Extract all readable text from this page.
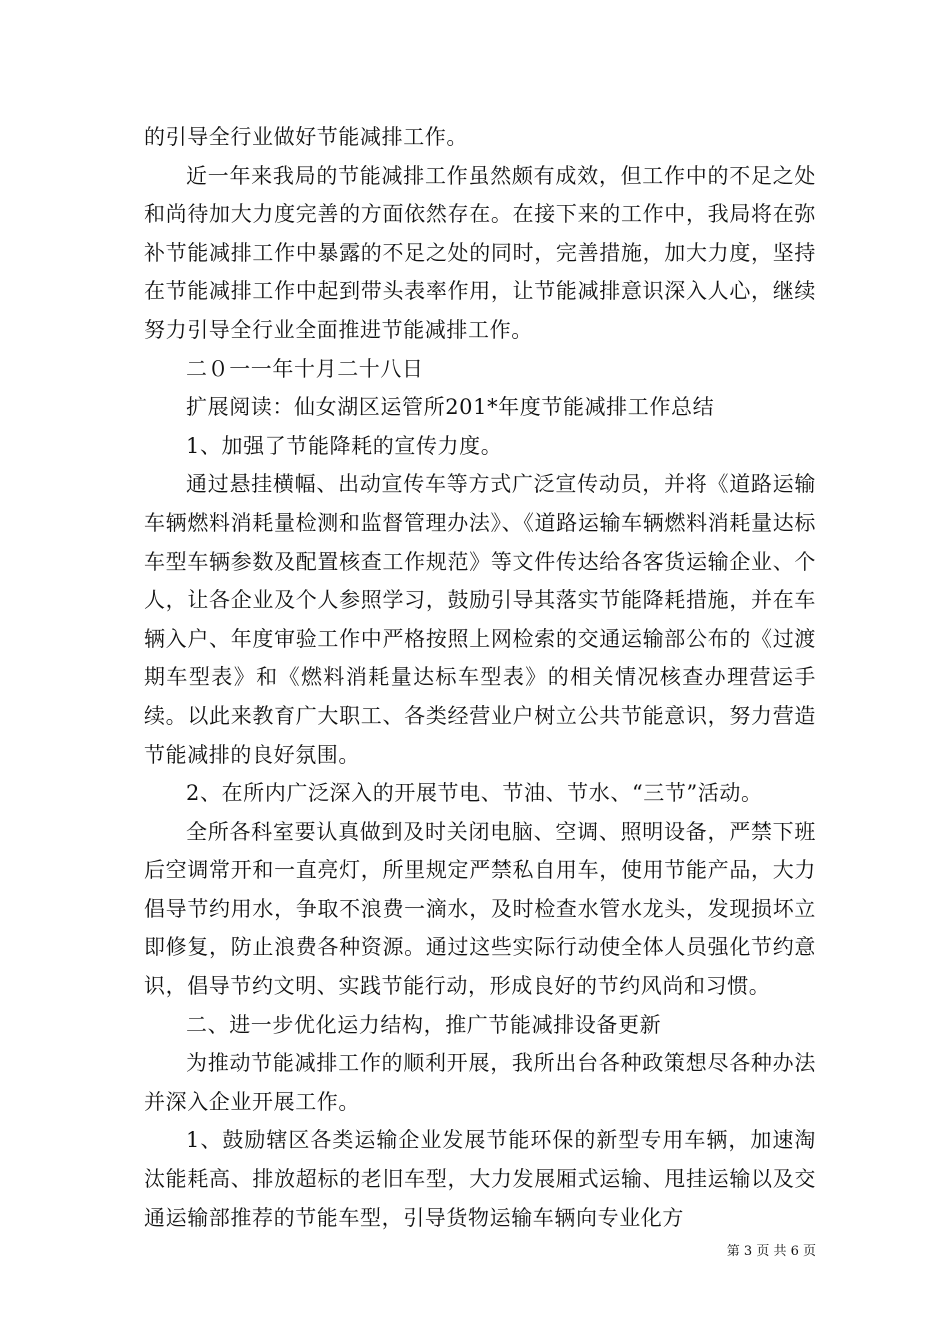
的引导全行业做好节能减排工作。

近一年来我局的节能减排工作虽然颇有成效，但工作中的不足之处和尚待加大力度完善的方面依然存在。在接下来的工作中，我局将在弥补节能减排工作中暴露的不足之处的同时，完善措施，加大力度，坚持在节能减排工作中起到带头表率作用，让节能减排意识深入人心，继续努力引导全行业全面推进节能减排工作。

二０一一年十月二十八日

扩展阅读：仙女湖区运管所201*年度节能减排工作总结

1、加强了节能降耗的宣传力度。

通过悬挂横幅、出动宣传车等方式广泛宣传动员，并将《道路运输车辆燃料消耗量检测和监督管理办法》、《道路运输车辆燃料消耗量达标车型车辆参数及配置核查工作规范》等文件传达给各客货运输企业、个人，让各企业及个人参照学习，鼓励引导其落实节能降耗措施，并在车辆入户、年度审验工作中严格按照上网检索的交通运输部公布的《过渡期车型表》和《燃料消耗量达标车型表》的相关情况核查办理营运手续。以此来教育广大职工、各类经营业户树立公共节能意识，努力营造节能减排的良好氛围。

2、在所内广泛深入的开展节电、节油、节水、“三节”活动。

全所各科室要认真做到及时关闭电脑、空调、照明设备，严禁下班后空调常开和一直亮灯，所里规定严禁私自用车，使用节能产品，大力倡导节约用水，争取不浪费一滴水，及时检查水管水龙头，发现损坏立即修复，防止浪费各种资源。通过这些实际行动使全体人员强化节约意识，倡导节约文明、实践节能行动，形成良好的节约风尚和习惯。

二、进一步优化运力结构，推广节能减排设备更新

为推动节能减排工作的顺利开展，我所出台各种政策想尽各种办法并深入企业开展工作。

1、鼓励辖区各类运输企业发展节能环保的新型专用车辆，加速淘汰能耗高、排放超标的老旧车型，大力发展厢式运输、甩挂运输以及交通运输部推荐的节能车型，引导货物运输车辆向专业化方

第 3 页 共 6 页
